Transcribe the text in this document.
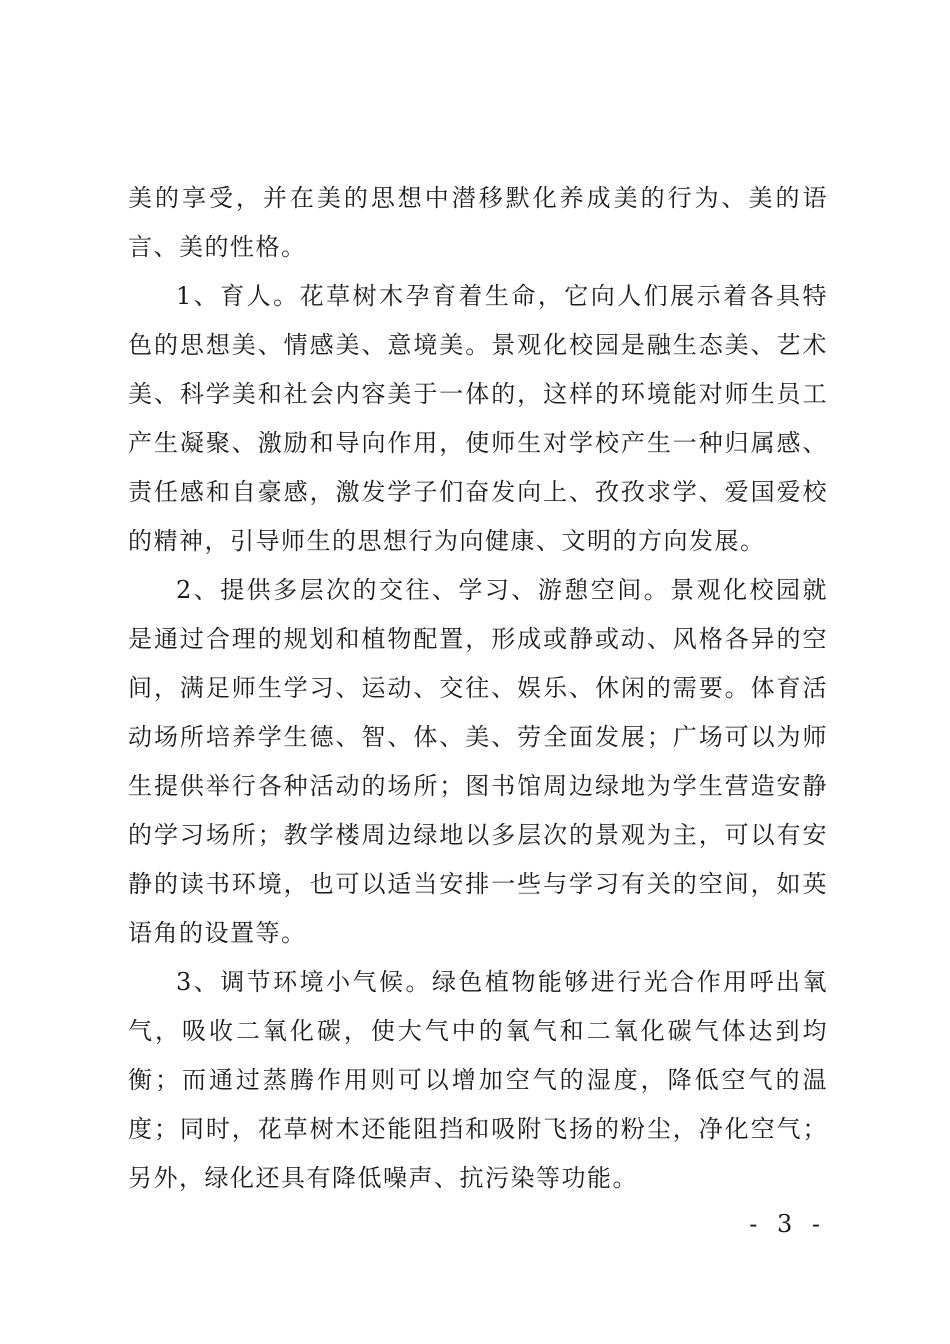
美的享受，并在美的思想中潜移默化养成美的行为、美的语言、美的性格。

1、育人。花草树木孕育着生命，它向人们展示着各具特色的思想美、情感美、意境美。景观化校园是融生态美、艺术美、科学美和社会内容美于一体的，这样的环境能对师生员工产生凝聚、激励和导向作用，使师生对学校产生一种归属感、责任感和自豪感，激发学子们奋发向上、孜孜求学、爱国爱校的精神，引导师生的思想行为向健康、文明的方向发展。

2、提供多层次的交往、学习、游憩空间。景观化校园就是通过合理的规划和植物配置，形成或静或动、风格各异的空间，满足师生学习、运动、交往、娱乐、休闲的需要。体育活动场所培养学生德、智、体、美、劳全面发展；广场可以为师生提供举行各种活动的场所；图书馆周边绿地为学生营造安静的学习场所；教学楼周边绿地以多层次的景观为主，可以有安静的读书环境，也可以适当安排一些与学习有关的空间，如英语角的设置等。

3、调节环境小气候。绿色植物能够进行光合作用呼出氧气，吸收二氧化碳，使大气中的氧气和二氧化碳气体达到均衡；而通过蒸腾作用则可以增加空气的湿度，降低空气的温度；同时，花草树木还能阻挡和吸附飞扬的粉尘，净化空气；另外，绿化还具有降低噪声、抗污染等功能。

- 3 -
